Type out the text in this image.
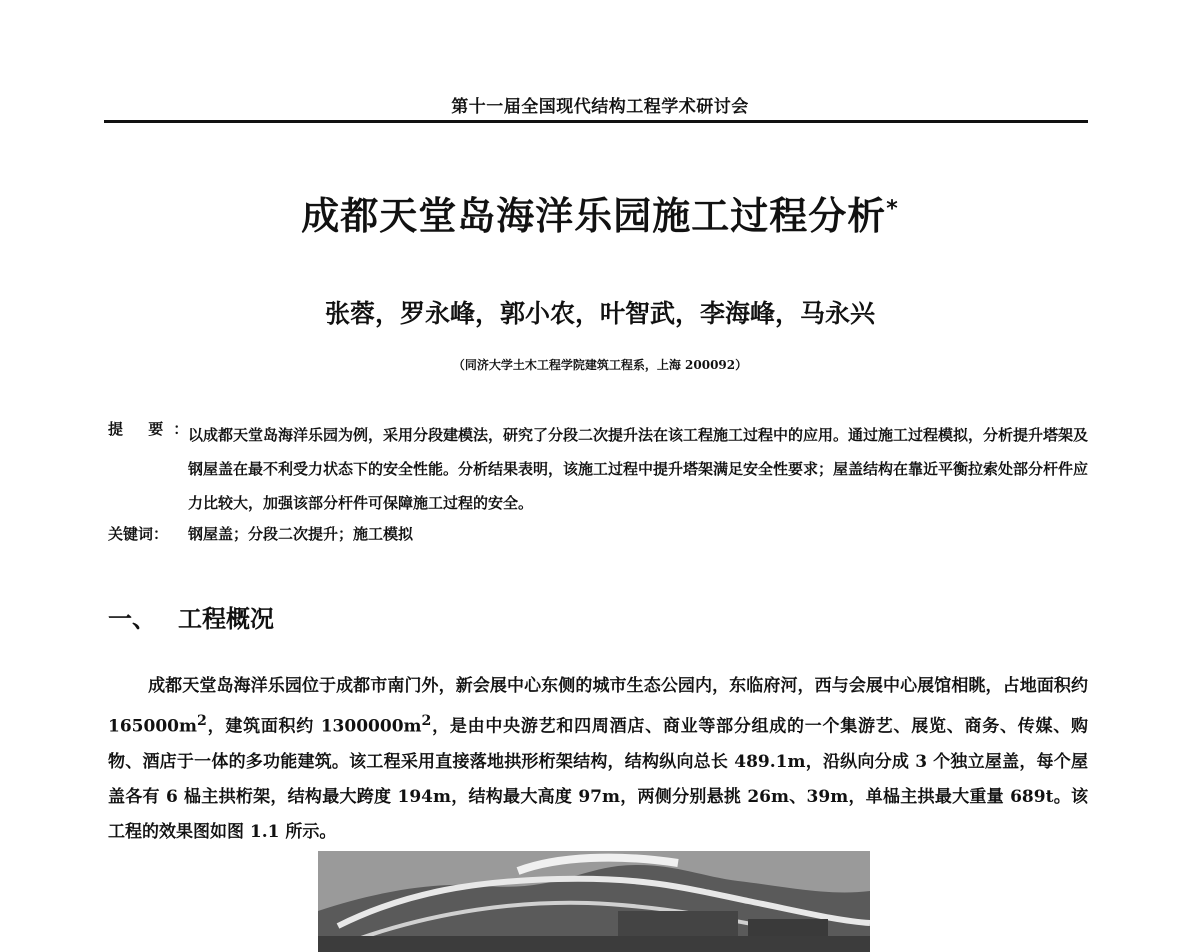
第十一届全国现代结构工程学术研讨会
成都天堂岛海洋乐园施工过程分析*
张蓉，罗永峰，郭小农，叶智武，李海峰，马永兴
（同济大学土木工程学院建筑工程系，上海 200092）
提 要：
以成都天堂岛海洋乐园为例，采用分段建模法，研究了分段二次提升法在该工程施工过程中的应用。通过施工过程模拟，分析提升塔架及钢屋盖在最不利受力状态下的安全性能。分析结果表明，该施工过程中提升塔架满足安全性要求；屋盖结构在靠近平衡拉索处部分杆件应力比较大，加强该部分杆件可保障施工过程的安全。
关键词： 钢屋盖；分段二次提升；施工模拟
一、 工程概况
成都天堂岛海洋乐园位于成都市南门外，新会展中心东侧的城市生态公园内，东临府河，西与会展中心展馆相眺，占地面积约 $165000m^2$，建筑面积约 $1300000m^2$，是由中央游艺和四周酒店、商业等部分组成的一个集游艺、展览、商务、传媒、购物、酒店于一体的多功能建筑。该工程采用直接落地拱形桁架结构，结构纵向总长 489.1m，沿纵向分成 3 个独立屋盖，每个屋盖各有 6 榀主拱桁架，结构最大跨度 194m，结构最大高度 97m，两侧分别悬挑 26m、39m，单榀主拱最大重量 689t。该工程的效果图如图 1.1 所示。
